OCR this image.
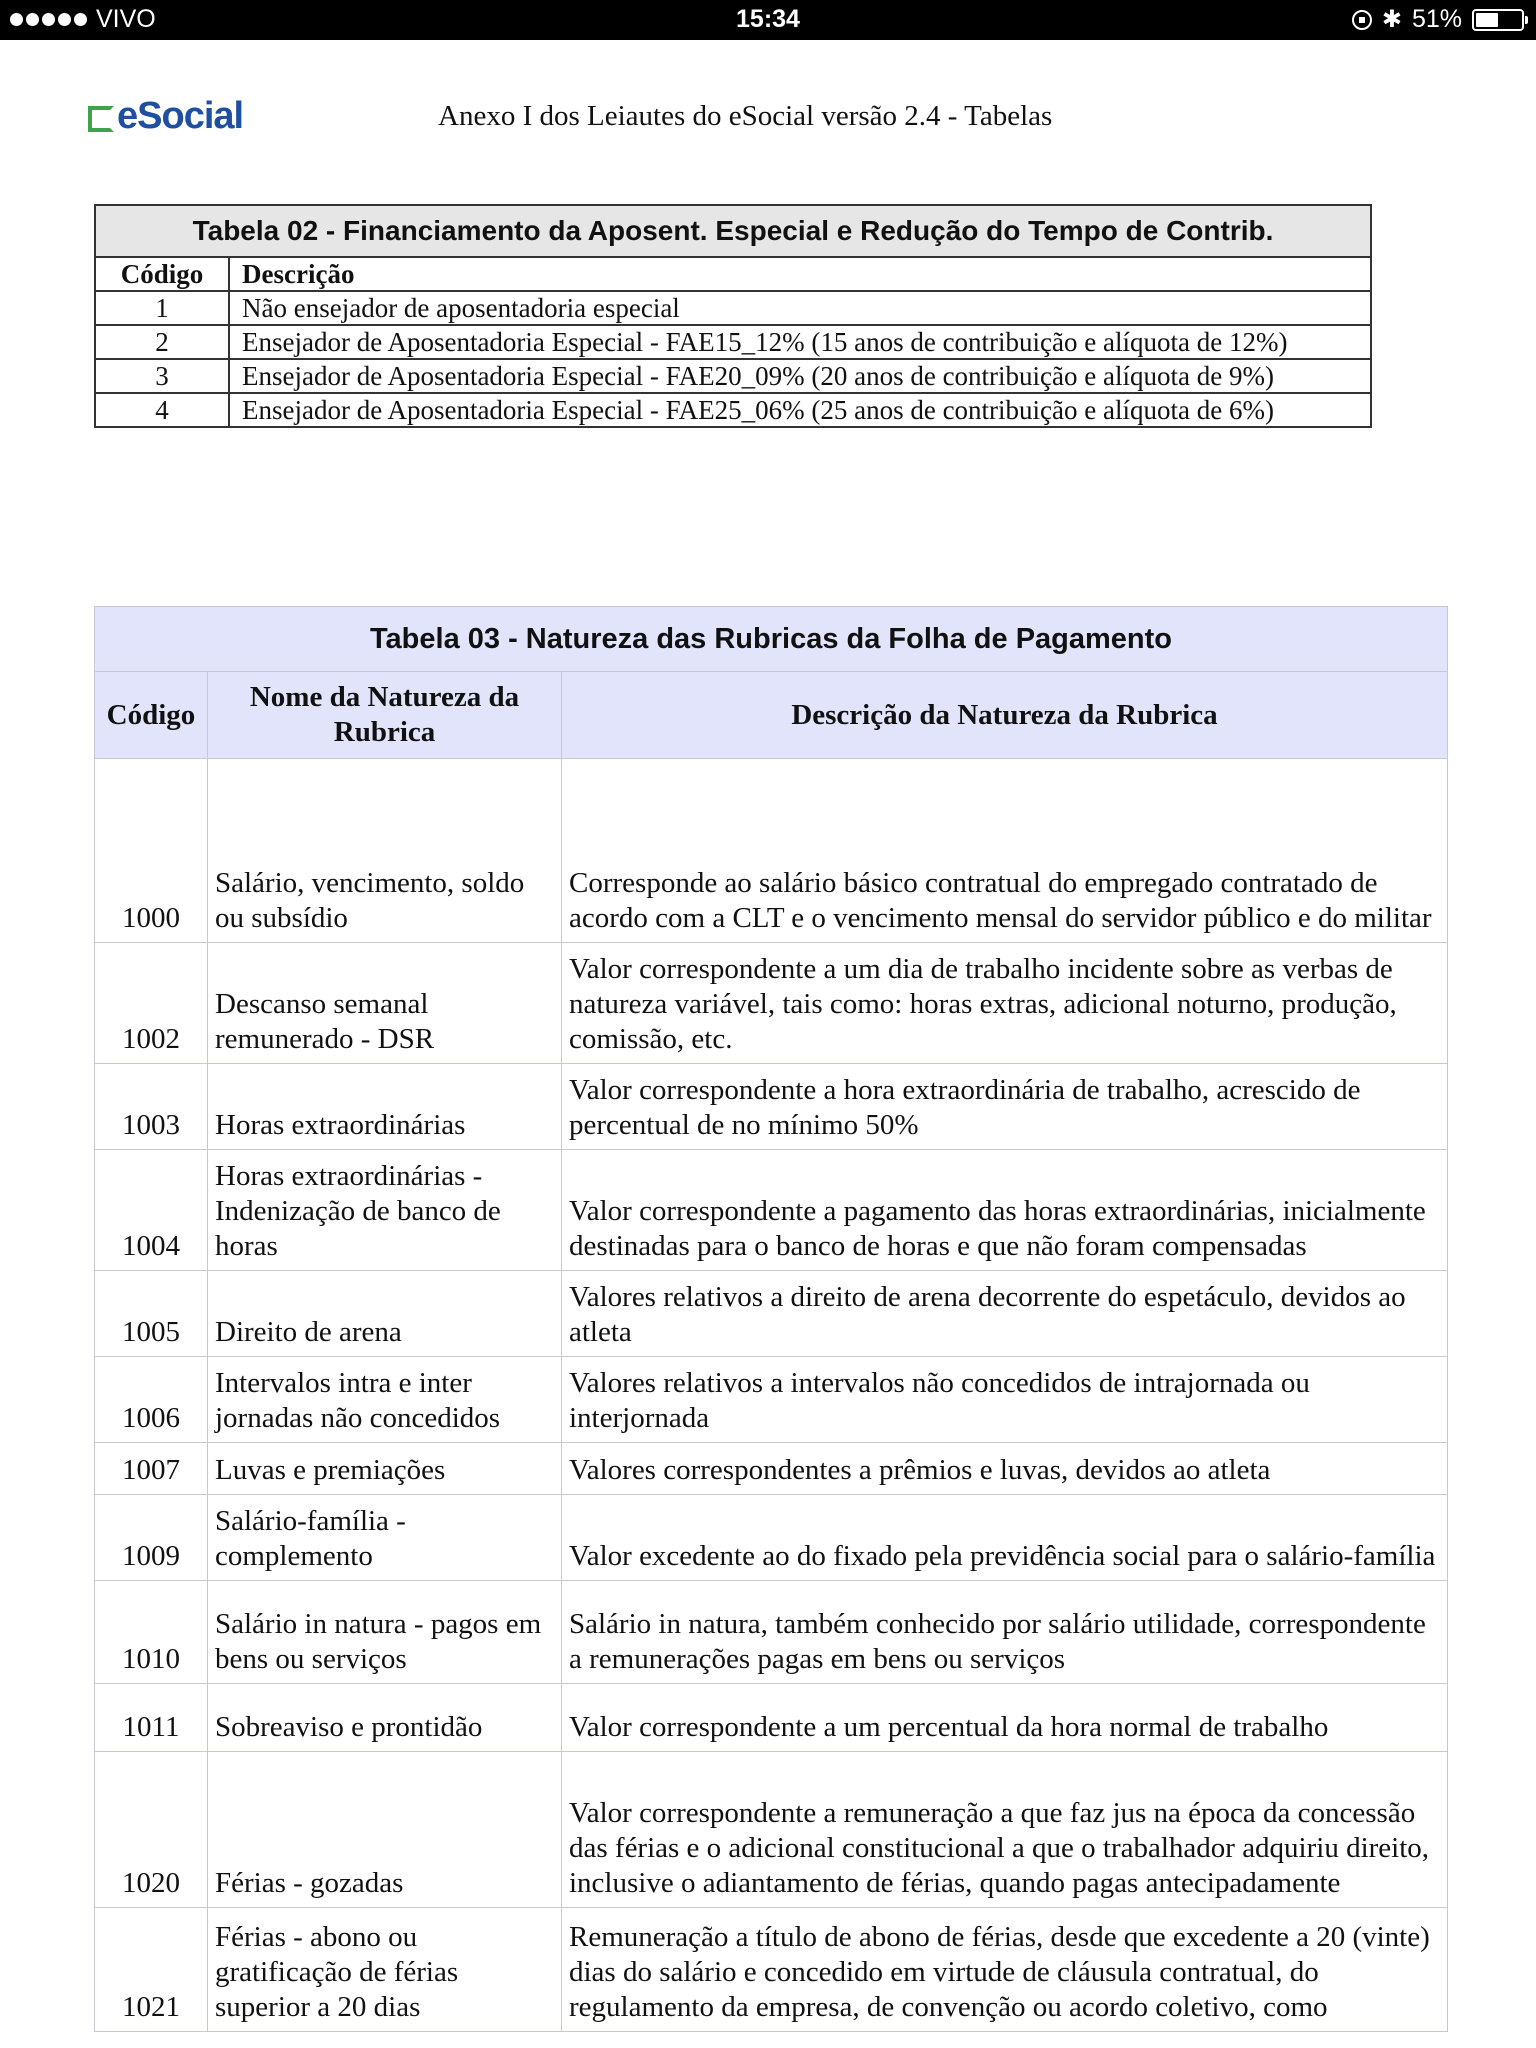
VIVO	15:34	✱ 51%
eSocial	Anexo I dos Leiautes do eSocial versão 2.4 - Tabelas
Tabela 02 - Financiamento da Aposent. Especial e Redução do Tempo de Contrib.	
Código	Descrição
1	Não ensejador de aposentadoria especial
2	Ensejador de Aposentadoria Especial - FAE15_12% (15 anos de contribuição e alíquota de 12%)
3	Ensejador de Aposentadoria Especial - FAE20_09% (20 anos de contribuição e alíquota de 9%)
4	Ensejador de Aposentadoria Especial - FAE25_06% (25 anos de contribuição e alíquota de 6%)
Tabela 03 - Natureza das Rubricas da Folha de Pagamento		
Código	Nome da Natureza da Rubrica	Descrição da Natureza da Rubrica
1000	Salário, vencimento, soldo ou subsídio	Corresponde ao salário básico contratual do empregado contratado de acordo com a CLT e o vencimento mensal do servidor público e do militar
1002	Descanso semanal remunerado - DSR	Valor correspondente a um dia de trabalho incidente sobre as verbas de natureza variável, tais como: horas extras, adicional noturno, produção, comissão, etc.
1003	Horas extraordinárias	Valor correspondente a hora extraordinária de trabalho, acrescido de percentual de no mínimo 50%
1004	Horas extraordinárias - Indenização de banco de horas	Valor correspondente a pagamento das horas extraordinárias, inicialmente destinadas para o banco de horas e que não foram compensadas
1005	Direito de arena	Valores relativos a direito de arena decorrente do espetáculo, devidos ao atleta
1006	Intervalos intra e inter jornadas não concedidos	Valores relativos a intervalos não concedidos de intrajornada ou interjornada
1007	Luvas e premiações	Valores correspondentes a prêmios e luvas, devidos ao atleta
1009	Salário-família - complemento	Valor excedente ao do fixado pela previdência social para o salário-família
1010	Salário in natura - pagos em bens ou serviços	Salário in natura, também conhecido por salário utilidade, correspondente a remunerações pagas em bens ou serviços
1011	Sobreaviso e prontidão	Valor correspondente a um percentual da hora normal de trabalho
1020	Férias - gozadas	Valor correspondente a remuneração a que faz jus na época da concessão das férias e o adicional constitucional a que o trabalhador adquiriu direito, inclusive o adiantamento de férias, quando pagas antecipadamente
1021	Férias - abono ou gratificação de férias superior a 20 dias	Remuneração a título de abono de férias, desde que excedente a 20 (vinte) dias do salário e concedido em virtude de cláusula contratual, do regulamento da empresa, de convenção ou acordo coletivo, como
